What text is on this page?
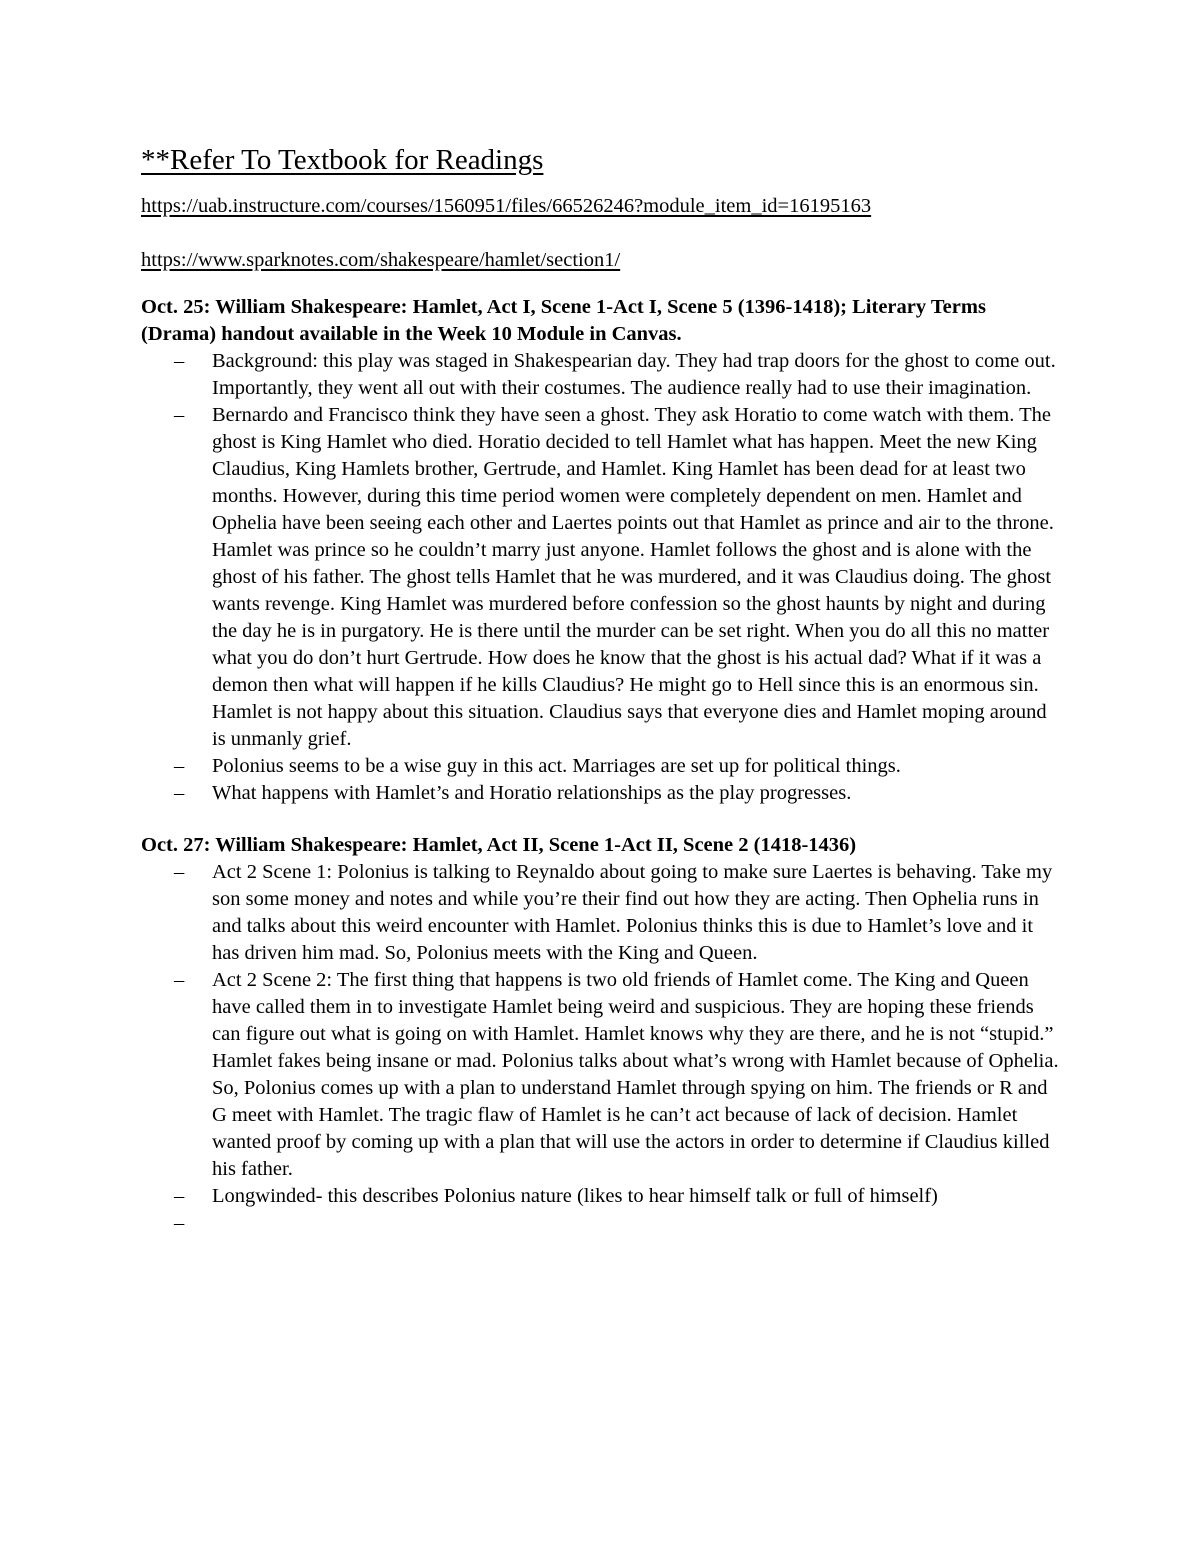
**Refer To Textbook for Readings
https://uab.instructure.com/courses/1560951/files/66526246?module_item_id=16195163
https://www.sparknotes.com/shakespeare/hamlet/section1/

Oct. 25: William Shakespeare: Hamlet, Act I, Scene 1-Act I, Scene 5 (1396-1418); Literary Terms (Drama) handout available in the Week 10 Module in Canvas.

– Background: this play was staged in Shakespearian day. They had trap doors for the ghost to come out. Importantly, they went all out with their costumes. The audience really had to use their imagination.
– Bernardo and Francisco think they have seen a ghost. They ask Horatio to come watch with them. The ghost is King Hamlet who died. Horatio decided to tell Hamlet what has happen. Meet the new King Claudius, King Hamlets brother, Gertrude, and Hamlet. King Hamlet has been dead for at least two months. However, during this time period women were completely dependent on men. Hamlet and Ophelia have been seeing each other and Laertes points out that Hamlet as prince and air to the throne. Hamlet was prince so he couldn’t marry just anyone. Hamlet follows the ghost and is alone with the ghost of his father. The ghost tells Hamlet that he was murdered, and it was Claudius doing. The ghost wants revenge. King Hamlet was murdered before confession so the ghost haunts by night and during the day he is in purgatory. He is there until the murder can be set right. When you do all this no matter what you do don’t hurt Gertrude. How does he know that the ghost is his actual dad? What if it was a demon then what will happen if he kills Claudius? He might go to Hell since this is an enormous sin. Hamlet is not happy about this situation. Claudius says that everyone dies and Hamlet moping around is unmanly grief.
– Polonius seems to be a wise guy in this act. Marriages are set up for political things.
– What happens with Hamlet’s and Horatio relationships as the play progresses.

Oct. 27: William Shakespeare: Hamlet, Act II, Scene 1-Act II, Scene 2 (1418-1436)

– Act 2 Scene 1: Polonius is talking to Reynaldo about going to make sure Laertes is behaving. Take my son some money and notes and while you’re their find out how they are acting. Then Ophelia runs in and talks about this weird encounter with Hamlet. Polonius thinks this is due to Hamlet’s love and it has driven him mad. So, Polonius meets with the King and Queen.
– Act 2 Scene 2: The first thing that happens is two old friends of Hamlet come. The King and Queen have called them in to investigate Hamlet being weird and suspicious. They are hoping these friends can figure out what is going on with Hamlet. Hamlet knows why they are there, and he is not “stupid.” Hamlet fakes being insane or mad. Polonius talks about what’s wrong with Hamlet because of Ophelia. So, Polonius comes up with a plan to understand Hamlet through spying on him. The friends or R and G meet with Hamlet. The tragic flaw of Hamlet is he can’t act because of lack of decision. Hamlet wanted proof by coming up with a plan that will use the actors in order to determine if Claudius killed his father.
– Longwinded- this describes Polonius nature (likes to hear himself talk or full of himself)
–
